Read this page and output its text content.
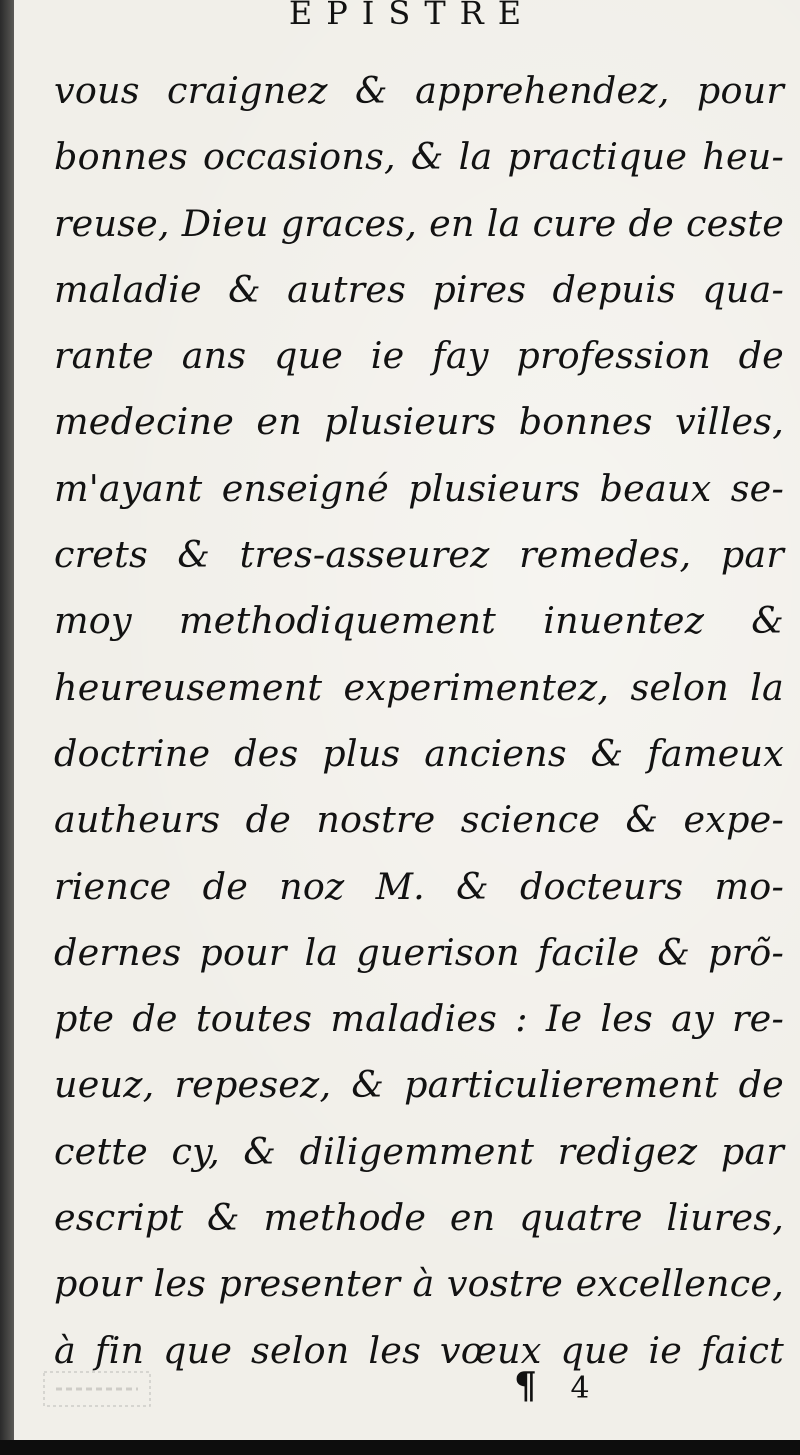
EPISTRE
vous craignez & apprehendez, pour
bonnes occasions, & la practique heu-
reuse, Dieu graces, en la cure de ceste
maladie & autres pires depuis qua-
rante ans que ie fay profession de
medecine en plusieurs bonnes villes,
m'ayant enseigné plusieurs beaux se-
crets & tres-asseurez remedes, par
moy methodiquement inuentez &
heureusement experimentez, selon la
doctrine des plus anciens & fameux
autheurs de nostre science & expe-
rience de noz M. & docteurs mo-
dernes pour la guerison facile & prõ-
pte de toutes maladies : Ie les ay re-
ueuz, repesez, & particulierement de
cette cy, & diligemment redigez par
escript & methode en quatre liures,
pour les presenter à vostre excellence,
à fin que selon les vœux que ie faict
¶ 4
